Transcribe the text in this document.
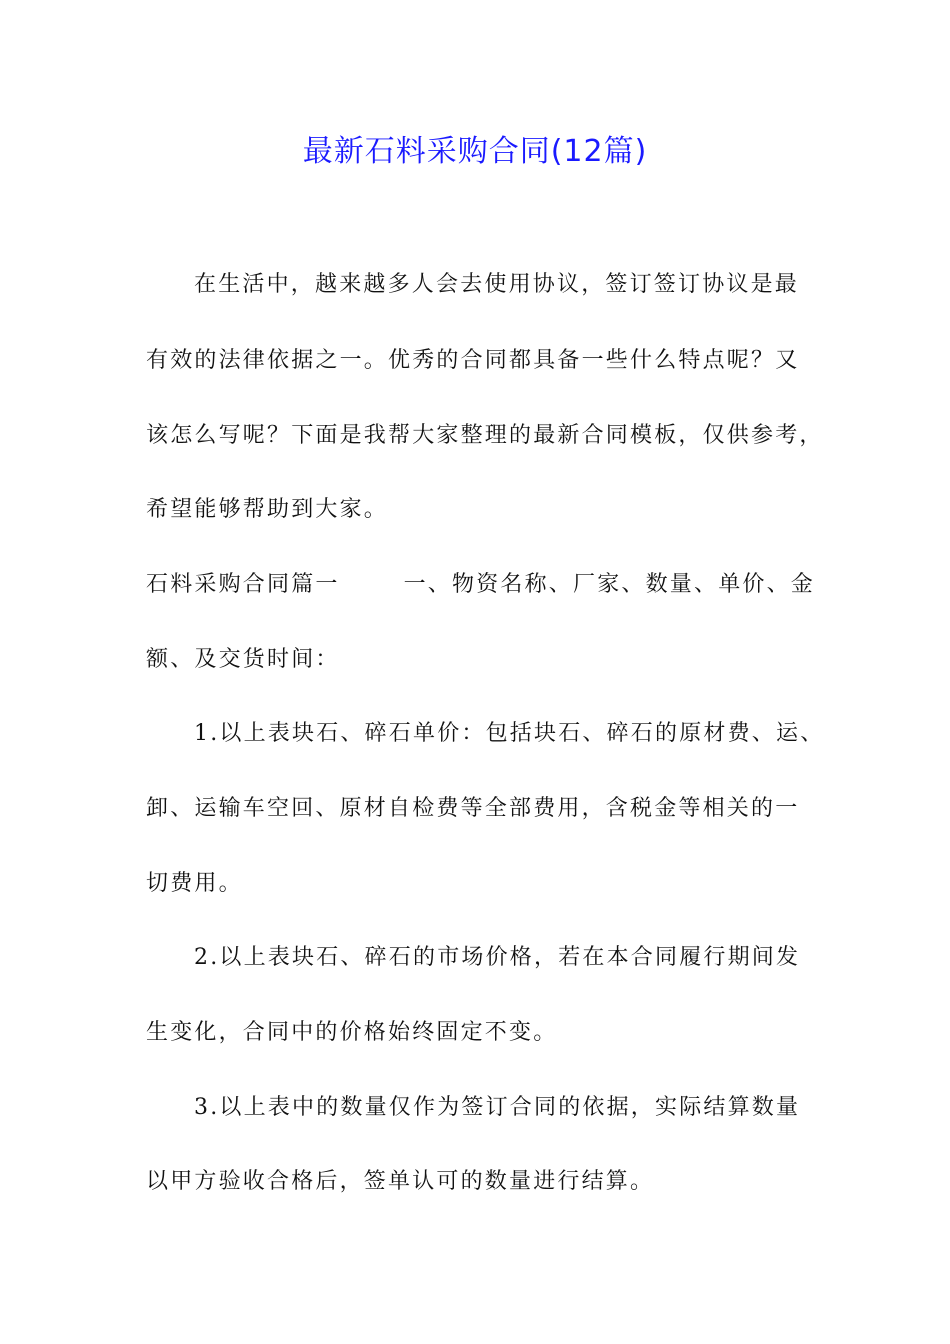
最新石料采购合同(12篇)
在生活中，越来越多人会去使用协议，签订签订协议是最
有效的法律依据之一。优秀的合同都具备一些什么特点呢？又
该怎么写呢？下面是我帮大家整理的最新合同模板，仅供参考，
希望能够帮助到大家。
石料采购合同篇一	一、物资名称、厂家、数量、单价、金
额、及交货时间：
1.以上表块石、碎石单价：包括块石、碎石的原材费、运、
卸、运输车空回、原材自检费等全部费用，含税金等相关的一
切费用。
2.以上表块石、碎石的市场价格，若在本合同履行期间发
生变化，合同中的价格始终固定不变。
3.以上表中的数量仅作为签订合同的依据，实际结算数量
以甲方验收合格后，签单认可的数量进行结算。
